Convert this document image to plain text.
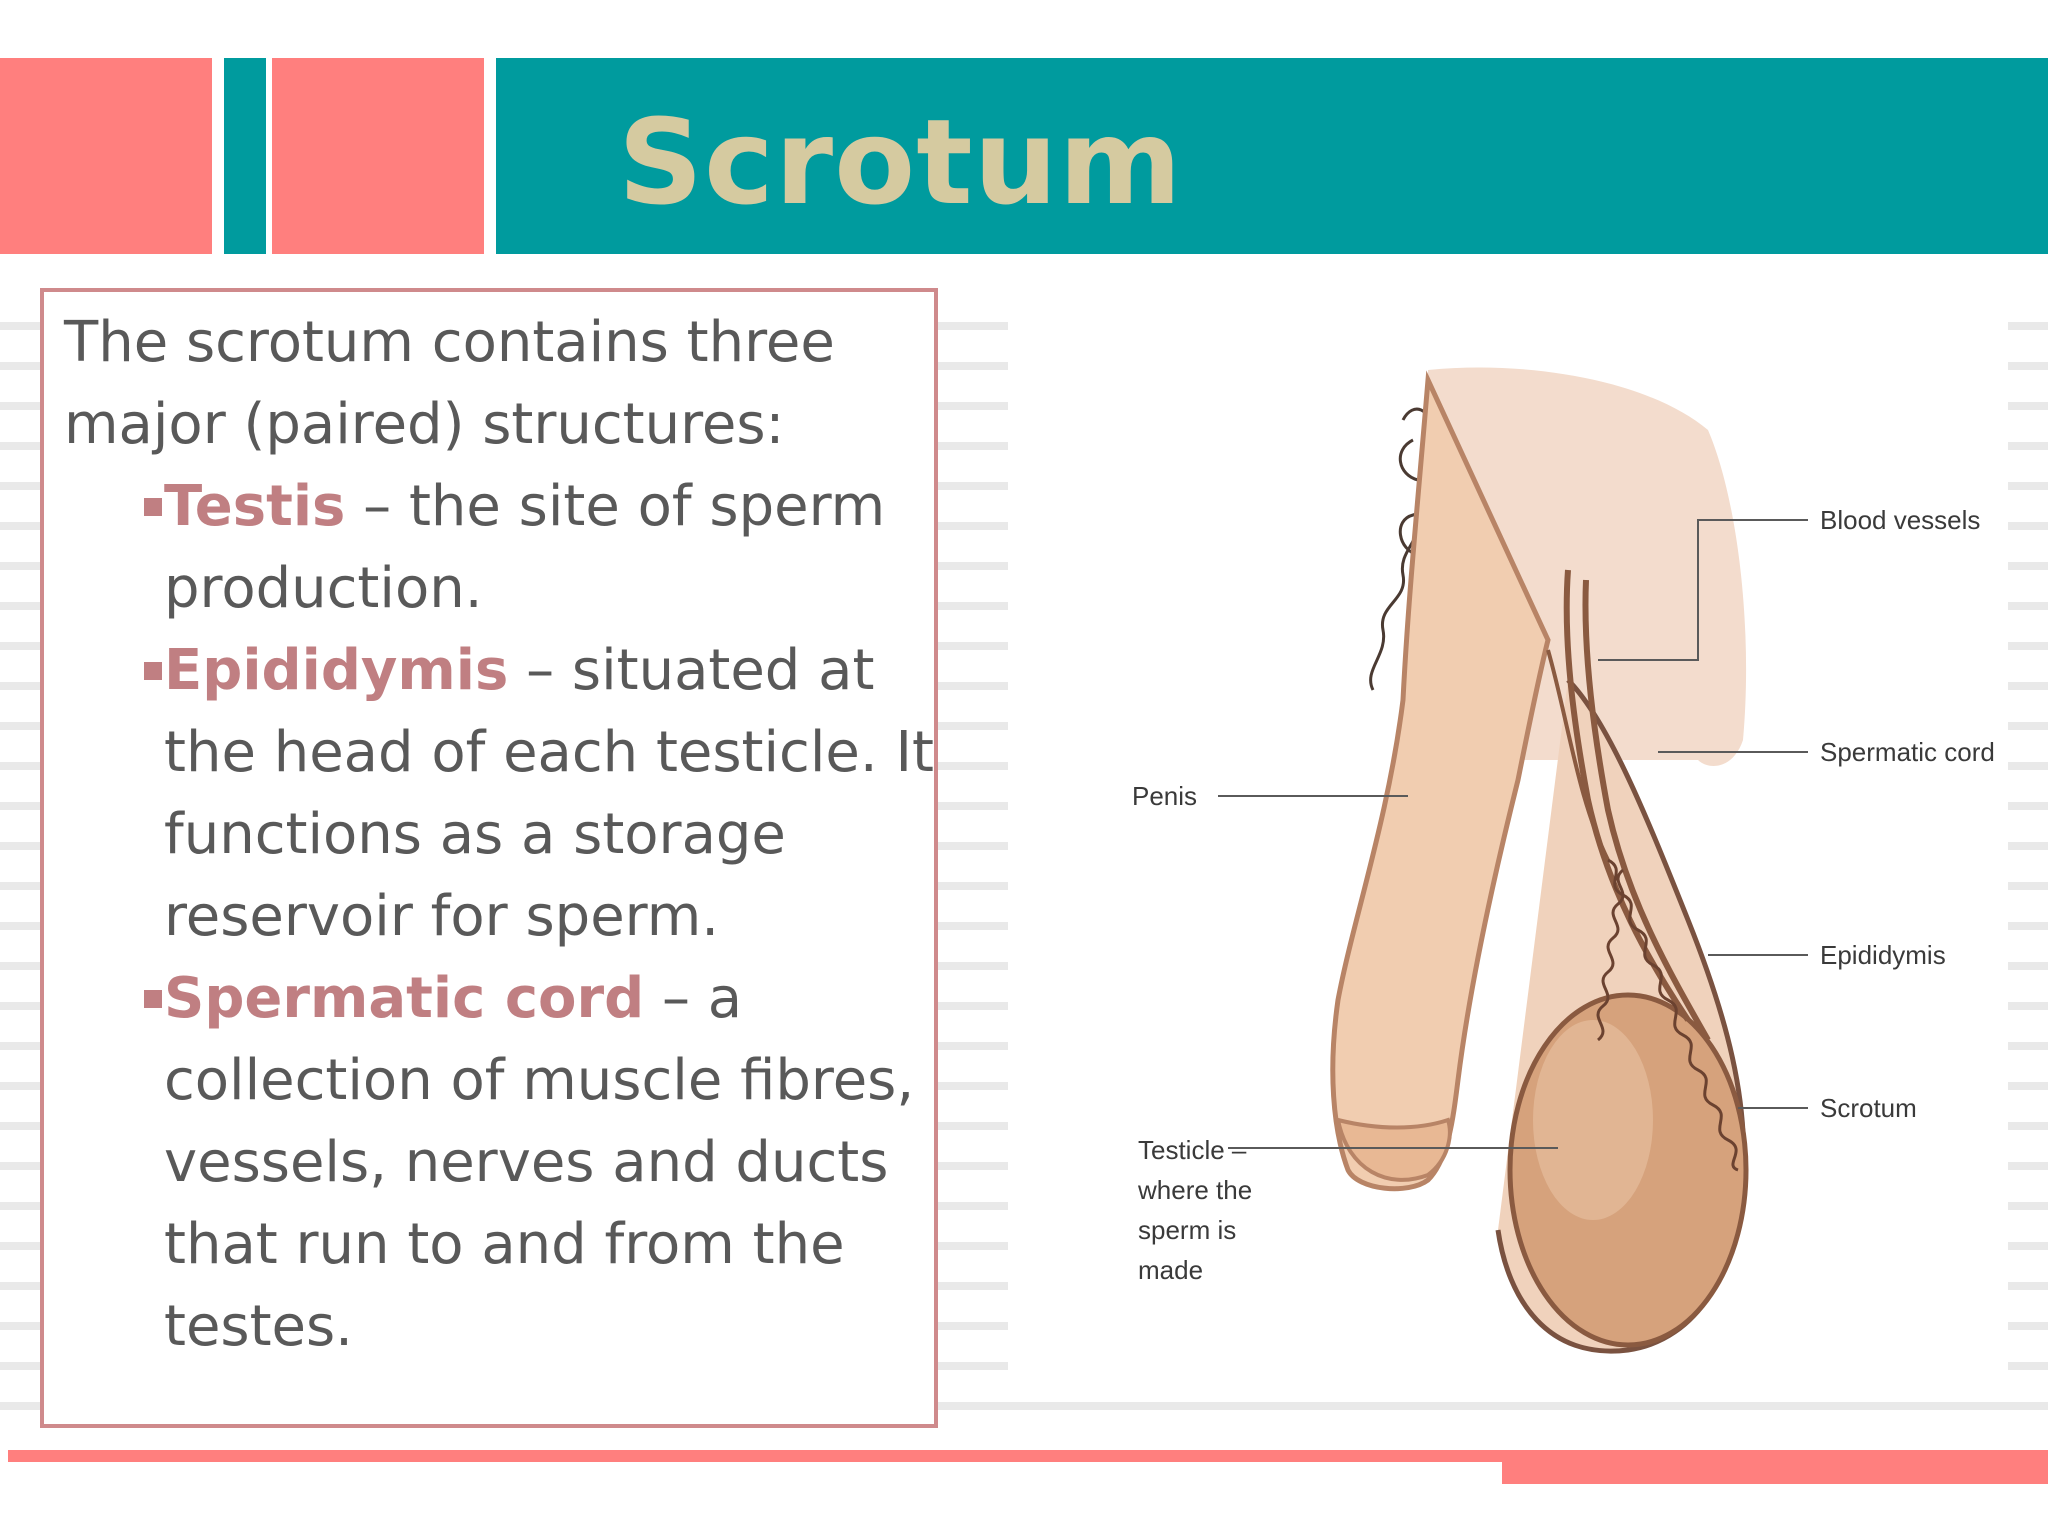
Scrotum

The scrotum contains three major (paired) structures:

Testis – the site of sperm production.
Epididymis – situated at the head of each testicle. It functions as a storage reservoir for sperm.
Spermatic cord – a collection of muscle fibres, vessels, nerves and ducts that run to and from the testes.

Blood vessels

Spermatic cord

Penis

Epididymis

Scrotum

Testicle – where the sperm is made
